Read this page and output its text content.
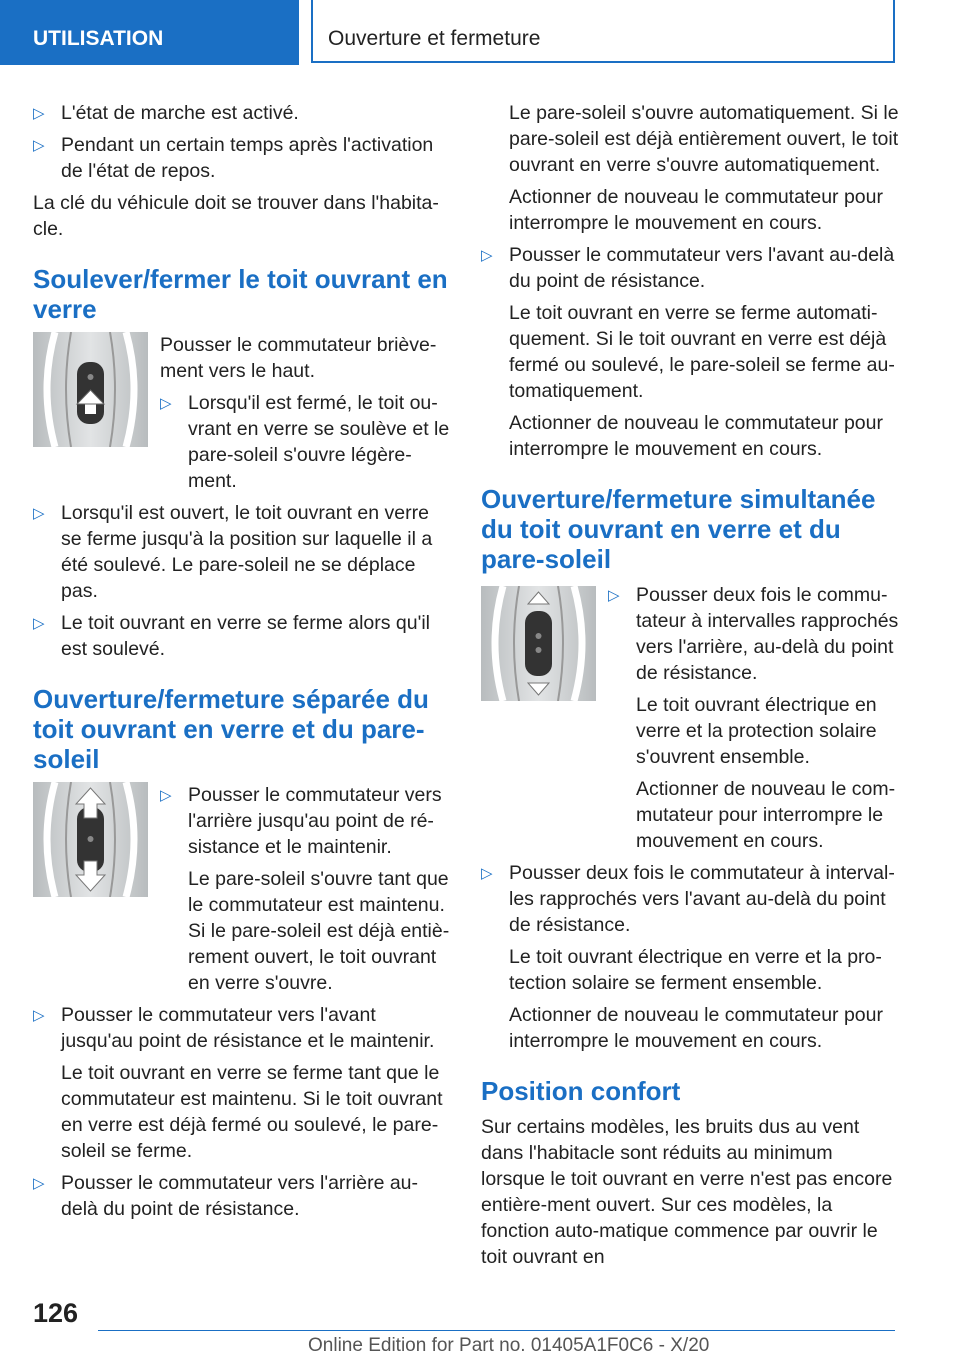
UTILISATION	Ouverture et fermeture

▷ L'état de marche est activé.

▷ Pendant un certain temps après l'activation de l'état de repos.

La clé du véhicule doit se trouver dans l'habita-cle.

Soulever/fermer le toit ouvrant en verre

Pousser le commutateur briève-ment vers le haut.

▷ Lorsqu'il est fermé, le toit ou-vrant en verre se soulève et le pare-soleil s'ouvre légère-ment.

▷ Lorsqu'il est ouvert, le toit ouvrant en verre se ferme jusqu'à la position sur laquelle il a été soulevé. Le pare-soleil ne se déplace pas.

▷ Le toit ouvrant en verre se ferme alors qu'il est soulevé.

Ouverture/fermeture séparée du toit ouvrant en verre et du pare-soleil

▷ Pousser le commutateur vers l'arrière jusqu'au point de ré-sistance et le maintenir.

Le pare-soleil s'ouvre tant que le commutateur est maintenu. Si le pare-soleil est déjà entiè-rement ouvert, le toit ouvrant en verre s'ouvre.

▷ Pousser le commutateur vers l'avant jusqu'au point de résistance et le maintenir.

Le toit ouvrant en verre se ferme tant que le commutateur est maintenu. Si le toit ouvrant en verre est déjà fermé ou soulevé, le pare-soleil se ferme.

▷ Pousser le commutateur vers l'arrière au-delà du point de résistance.

Le pare-soleil s'ouvre automatiquement. Si le pare-soleil est déjà entièrement ouvert, le toit ouvrant en verre s'ouvre automatiquement.

Actionner de nouveau le commutateur pour interrompre le mouvement en cours.

▷ Pousser le commutateur vers l'avant au-delà du point de résistance.

Le toit ouvrant en verre se ferme automati-quement. Si le toit ouvrant en verre est déjà fermé ou soulevé, le pare-soleil se ferme au-tomatiquement.

Actionner de nouveau le commutateur pour interrompre le mouvement en cours.

Ouverture/fermeture simultanée du toit ouvrant en verre et du pare-soleil

▷ Pousser deux fois le commu-tateur à intervalles rapprochés vers l'arrière, au-delà du point de résistance.

Le toit ouvrant électrique en verre et la protection solaire s'ouvrent ensemble.

Actionner de nouveau le com-mutateur pour interrompre le mouvement en cours.

▷ Pousser deux fois le commutateur à interval-les rapprochés vers l'avant au-delà du point de résistance.

Le toit ouvrant électrique en verre et la pro-tection solaire se ferment ensemble.

Actionner de nouveau le commutateur pour interrompre le mouvement en cours.

Position confort

Sur certains modèles, les bruits dus au vent dans l'habitacle sont réduits au minimum lorsque le toit ouvrant en verre n'est pas encore entière-ment ouvert. Sur ces modèles, la fonction auto-matique commence par ouvrir le toit ouvrant en

126
Online Edition for Part no. 01405A1F0C6 - X/20
